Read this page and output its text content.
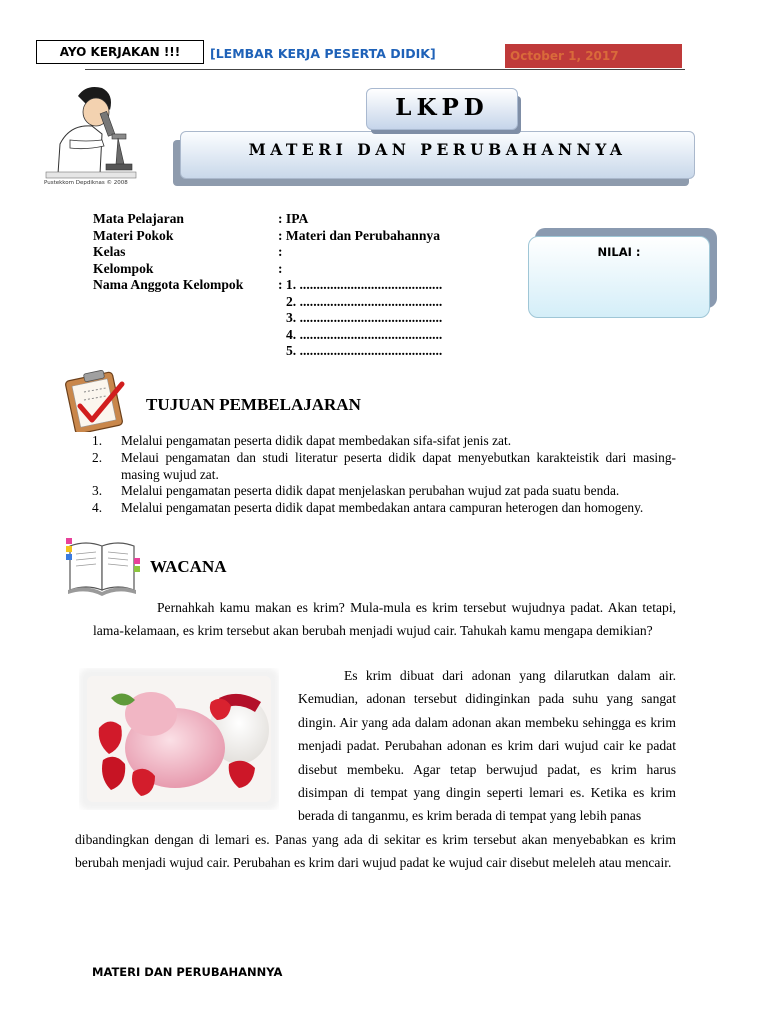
AYO KERJAKAN !!!	[LEMBAR KERJA PESERTA DIDIK]	October 1, 2017
Pustekkom Depdiknas © 2008
MATERI DAN PERUBAHANNYA
LKPD
Mata Pelajaran	: IPA
Materi Pokok	: Materi dan Perubahannya
Kelas	:
Kelompok	:
Nama Anggota Kelompok	: 1. ..........................................
2. ..........................................
3. ..........................................
4. ..........................................
5. ..........................................
NILAI :
TUJUAN PEMBELAJARAN
1.	Melalui pengamatan peserta didik dapat membedakan sifa-sifat jenis zat.
2.	Melaui pengamatan dan studi literatur peserta didik dapat menyebutkan karakteistik dari masing-masing wujud zat.
3.	Melalui pengamatan peserta didik dapat menjelaskan perubahan wujud zat pada suatu benda.
4.	Melalui pengamatan peserta didik dapat membedakan antara campuran heterogen dan homogeny.
WACANA
Pernahkah kamu makan es krim? Mula-mula es krim tersebut wujudnya padat. Akan tetapi, lama-kelamaan, es krim tersebut akan berubah menjadi wujud cair. Tahukah kamu mengapa demikian?
Es krim dibuat dari adonan yang dilarutkan dalam air. Kemudian, adonan tersebut didinginkan pada suhu yang sangat dingin. Air yang ada dalam adonan akan membeku sehingga es krim menjadi padat. Perubahan adonan es krim dari wujud cair ke padat disebut membeku. Agar tetap berwujud padat, es krim harus disimpan di tempat yang dingin seperti lemari es. Ketika es krim berada di tanganmu, es krim berada di tempat yang lebih panas
dibandingkan dengan di lemari es. Panas yang ada di sekitar es krim tersebut akan menyebabkan es krim berubah menjadi wujud cair. Perubahan es krim dari wujud padat ke wujud cair disebut meleleh atau mencair.
MATERI DAN PERUBAHANNYA
